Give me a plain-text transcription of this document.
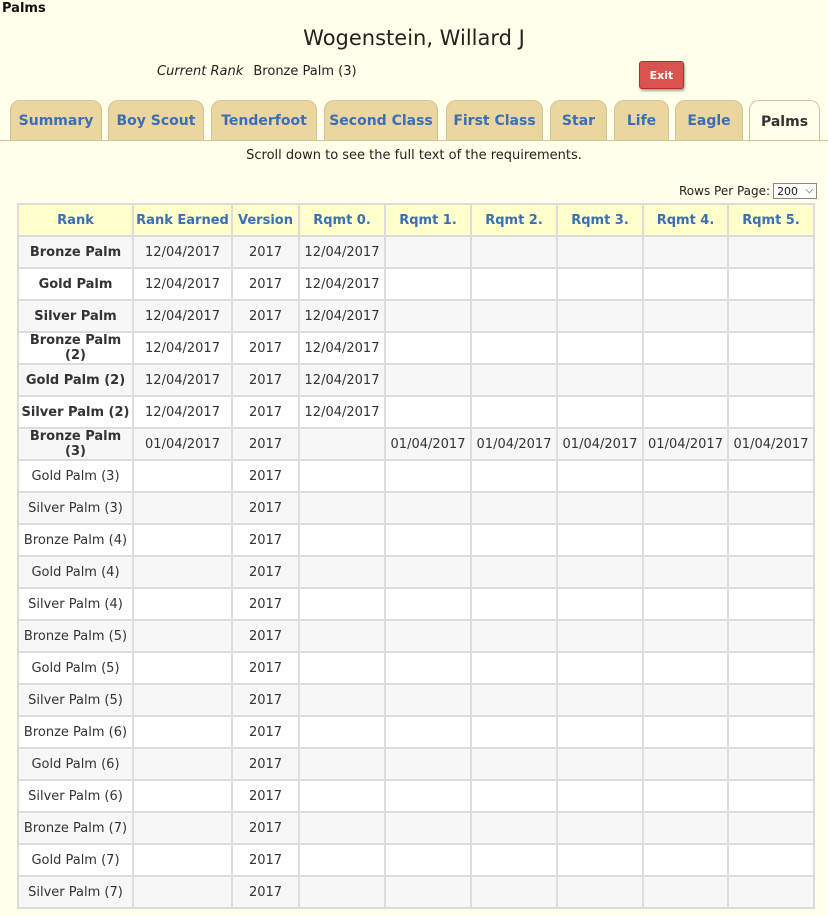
Palms
Wogenstein, Willard J
Current Rank Bronze Palm (3)	Exit
Summary	Boy Scout	Tenderfoot	Second Class	First Class	Star	Life	Eagle	Palms
Scroll down to see the full text of the requirements.
Rows Per Page: 200 ⌵
Rank	Rank Earned	Version	Rqmt 0.	Rqmt 1.	Rqmt 2.	Rqmt 3.	Rqmt 4.	Rqmt 5.
Bronze Palm	12/04/2017	2017	12/04/2017					
Gold Palm	12/04/2017	2017	12/04/2017					
Silver Palm	12/04/2017	2017	12/04/2017					
Bronze Palm (2)	12/04/2017	2017	12/04/2017					
Gold Palm (2)	12/04/2017	2017	12/04/2017					
Silver Palm (2)	12/04/2017	2017	12/04/2017					
Bronze Palm (3)	01/04/2017	2017		01/04/2017	01/04/2017	01/04/2017	01/04/2017	01/04/2017
Gold Palm (3)		2017						
Silver Palm (3)		2017						
Bronze Palm (4)		2017						
Gold Palm (4)		2017						
Silver Palm (4)		2017						
Bronze Palm (5)		2017						
Gold Palm (5)		2017						
Silver Palm (5)		2017						
Bronze Palm (6)		2017						
Gold Palm (6)		2017						
Silver Palm (6)		2017						
Bronze Palm (7)		2017						
Gold Palm (7)		2017						
Silver Palm (7)		2017						
